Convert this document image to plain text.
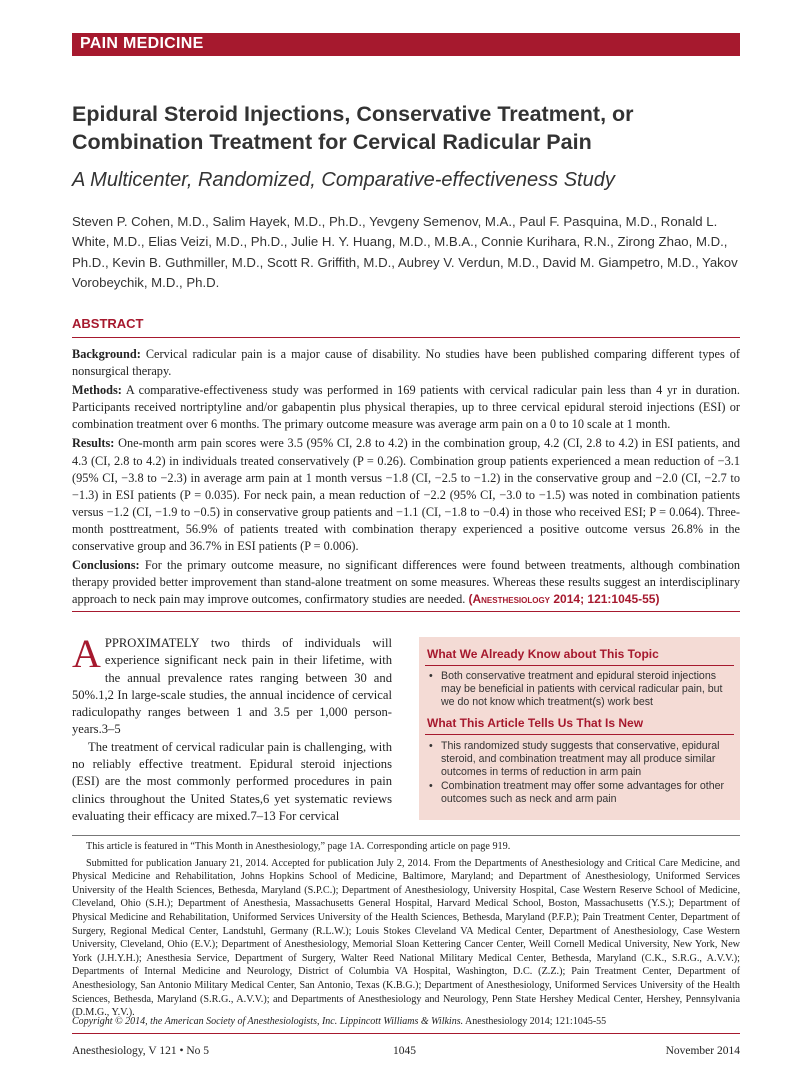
PAIN MEDICINE
Epidural Steroid Injections, Conservative Treatment, or Combination Treatment for Cervical Radicular Pain
A Multicenter, Randomized, Comparative-effectiveness Study
Steven P. Cohen, M.D., Salim Hayek, M.D., Ph.D., Yevgeny Semenov, M.A., Paul F. Pasquina, M.D., Ronald L. White, M.D., Elias Veizi, M.D., Ph.D., Julie H. Y. Huang, M.D., M.B.A., Connie Kurihara, R.N., Zirong Zhao, M.D., Ph.D., Kevin B. Guthmiller, M.D., Scott R. Griffith, M.D., Aubrey V. Verdun, M.D., David M. Giampetro, M.D., Yakov Vorobeychik, M.D., Ph.D.
ABSTRACT

Background: Cervical radicular pain is a major cause of disability. No studies have been published comparing different types of nonsurgical therapy.

Methods: A comparative-effectiveness study was performed in 169 patients with cervical radicular pain less than 4 yr in duration. Participants received nortriptyline and/or gabapentin plus physical therapies, up to three cervical epidural steroid injections (ESI) or combination treatment over 6 months. The primary outcome measure was average arm pain on a 0 to 10 scale at 1 month.

Results: One-month arm pain scores were 3.5 (95% CI, 2.8 to 4.2) in the combination group, 4.2 (CI, 2.8 to 4.2) in ESI patients, and 4.3 (CI, 2.8 to 4.2) in individuals treated conservatively (P = 0.26). Combination group patients experienced a mean reduction of −3.1 (95% CI, −3.8 to −2.3) in average arm pain at 1 month versus −1.8 (CI, −2.5 to −1.2) in the conservative group and −2.0 (CI, −2.7 to −1.3) in ESI patients (P = 0.035). For neck pain, a mean reduction of −2.2 (95% CI, −3.0 to −1.5) was noted in combination patients versus −1.2 (CI, −1.9 to −0.5) in conservative group patients and −1.1 (CI, −1.8 to −0.4) in those who received ESI; P = 0.064). Three-month posttreatment, 56.9% of patients treated with combination therapy experienced a positive outcome versus 26.8% in the conservative group and 36.7% in ESI patients (P = 0.006).

Conclusions: For the primary outcome measure, no significant differences were found between treatments, although combination therapy provided better improvement than stand-alone treatment on some measures. Whereas these results suggest an interdisciplinary approach to neck pain may improve outcomes, confirmatory studies are needed. (Anesthesiology 2014; 121:1045-55)

APPROXIMATELY two thirds of individuals will experience significant neck pain in their lifetime, with the annual prevalence rates ranging between 30 and 50%.1,2 In large-scale studies, the annual incidence of cervical radiculopathy ranges between 1 and 3.5 per 1,000 person-years.3–5

The treatment of cervical radicular pain is challenging, with no reliably effective treatment. Epidural steroid injections (ESI) are the most commonly performed procedures in pain clinics throughout the United States,6 yet systematic reviews evaluating their efficacy are mixed.7–13 For cervical

What We Already Know about This Topic
• Both conservative treatment and epidural steroid injections may be beneficial in patients with cervical radicular pain, but we do not know which treatment(s) work best
What This Article Tells Us That Is New
• This randomized study suggests that conservative, epidural steroid, and combination treatment may all produce similar outcomes in terms of reduction in arm pain
• Combination treatment may offer some advantages for other outcomes such as neck and arm pain

This article is featured in “This Month in Anesthesiology,” page 1A. Corresponding article on page 919.

Submitted for publication January 21, 2014. Accepted for publication July 2, 2014. From the Departments of Anesthesiology and Critical Care Medicine, and Physical Medicine and Rehabilitation, Johns Hopkins School of Medicine, Baltimore, Maryland; and Department of Anesthesiology, Uniformed Services University of the Health Sciences, Bethesda, Maryland (S.P.C.); Department of Anesthesiology, University Hospital, Case Western Reserve School of Medicine, Cleveland, Ohio (S.H.); Department of Anesthesia, Massachusetts General Hospital, Harvard Medical School, Boston, Massachusetts (Y.S.); Department of Physical Medicine and Rehabilitation, Uniformed Services University of the Health Sciences, Bethesda, Maryland (P.F.P.); Pain Treatment Center, Department of Surgery, Regional Medical Center, Landstuhl, Germany (R.L.W.); Louis Stokes Cleveland VA Medical Center, Department of Anesthesiology, Case Western University, Cleveland, Ohio (E.V.); Department of Anesthesiology, Memorial Sloan Kettering Cancer Center, Weill Cornell Medical University, New York, New York (J.H.Y.H.); Anesthesia Service, Department of Surgery, Walter Reed National Military Medical Center, Bethesda, Maryland (C.K., S.R.G., A.V.V.); Departments of Internal Medicine and Neurology, District of Columbia VA Hospital, Washington, D.C. (Z.Z.); Pain Treatment Center, Department of Anesthesiology, San Antonio Military Medical Center, San Antonio, Texas (K.B.G.); Department of Anesthesiology, Uniformed Services University of the Health Sciences, Bethesda, Maryland (S.R.G., A.V.V.); and Departments of Anesthesiology and Neurology, Penn State Hershey Medical Center, Hershey, Pennsylvania (D.M.G., Y.V.).

Copyright © 2014, the American Society of Anesthesiologists, Inc. Lippincott Williams & Wilkins. Anesthesiology 2014; 121:1045-55
Anesthesiology, V 121 • No 5	1045	November 2014
